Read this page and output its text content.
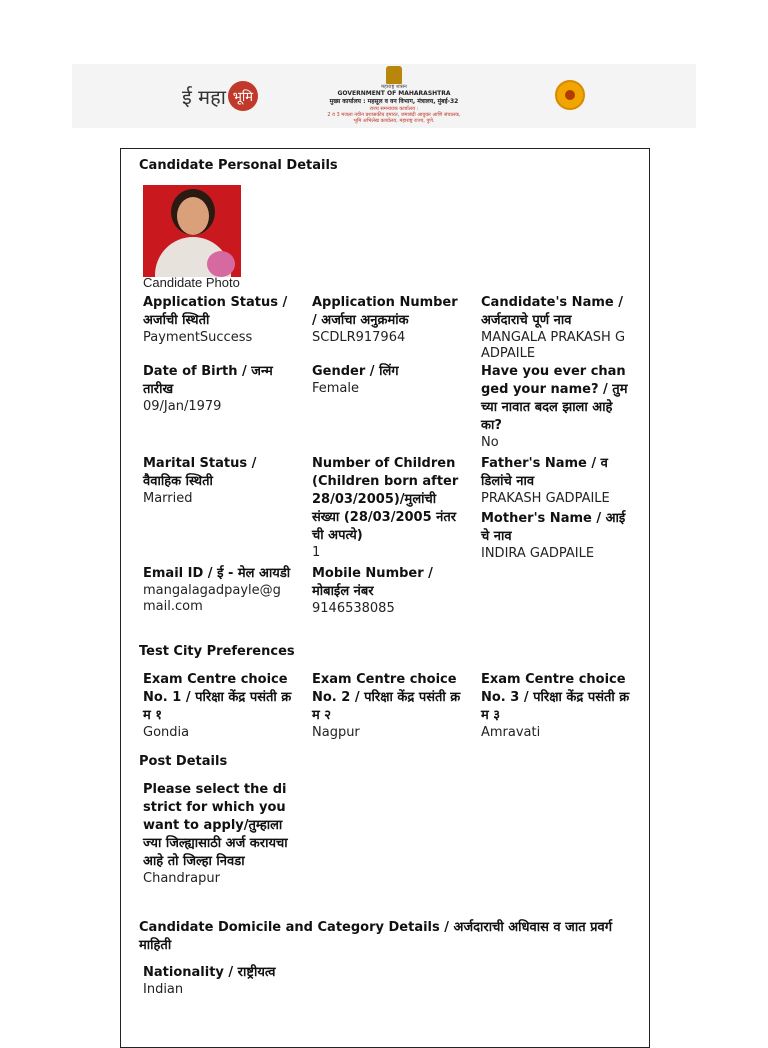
ई महा भूमि
महाराष्ट्र शासन
GOVERNMENT OF MAHARASHTRA
मुख्य कार्यालय : महसूल व वन विभाग, मंत्रालय, मुंबई-32
राज्य समन्वयक कार्यालय :
2 व 3 मजला नवीन प्रशासकीय इमारत, जमाबंदी आयुक्त आणि संचालक,
भूमि अभिलेख कार्यालय, महाराष्ट्र राज्य, पुणे.
Candidate Personal Details
Candidate Photo
Application Status / अर्जाची स्थिती
PaymentSuccess
Application Number / अर्जाचा अनुक्रमांक
SCDLR917964
Candidate's Name / अर्जदाराचे पूर्ण नाव
MANGALA PRAKASH GADPAILE
Date of Birth / जन्म तारीख
09/Jan/1979
Gender / लिंग
Female
Have you ever changed your name? / तुमच्या नावात बदल झाला आहे का?
No
Marital Status / वैवाहिक स्थिती
Married
Number of Children (Children born after 28/03/2005)/मुलांची संख्या (28/03/2005 नंतर ची अपत्ये)
1
Father's Name / वडिलांचे नाव
PRAKASH GADPAILE
Mother's Name / आईचे नाव
INDIRA GADPAILE
Email ID / ई - मेल आयडी
mangalagadpayle@gmail.com
Mobile Number / मोबाईल नंबर
9146538085
Test City Preferences
Exam Centre choice No. 1 / परिक्षा केंद्र पसंती क्रम १
Gondia
Exam Centre choice No. 2 / परिक्षा केंद्र पसंती क्रम २
Nagpur
Exam Centre choice No. 3 / परिक्षा केंद्र पसंती क्रम ३
Amravati
Post Details
Please select the district for which you want to apply/तुम्हाला ज्या जिल्ह्यासाठी अर्ज करायचा आहे तो जिल्हा निवडा
Chandrapur
Candidate Domicile and Category Details / अर्जदाराची अधिवास व जात प्रवर्ग माहिती
Nationality / राष्ट्रीयत्व
Indian
